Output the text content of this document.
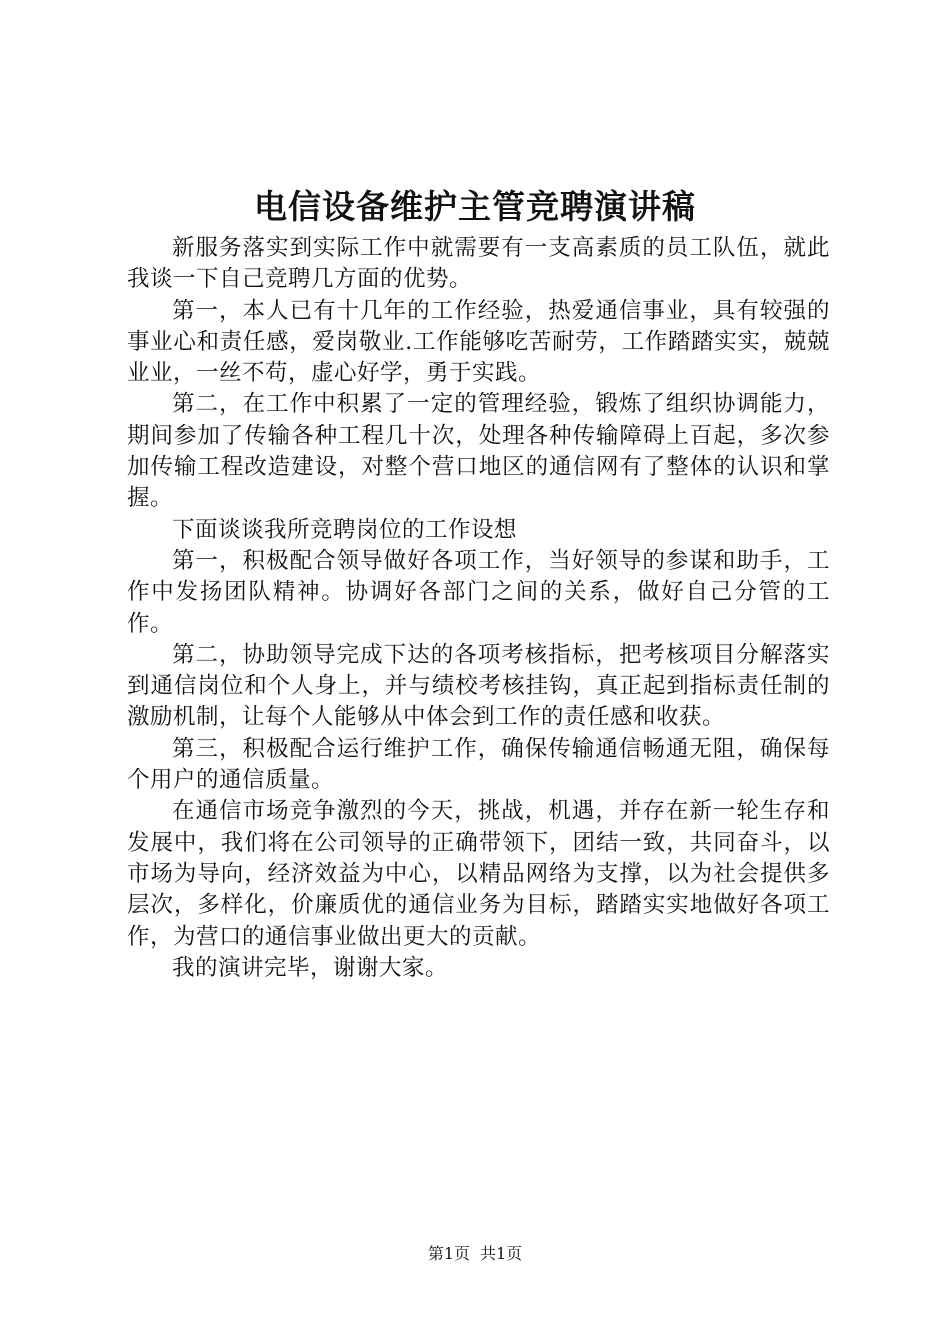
电信设备维护主管竞聘演讲稿

新服务落实到实际工作中就需要有一支高素质的员工队伍，就此我谈一下自己竞聘几方面的优势。

第一，本人已有十几年的工作经验，热爱通信事业，具有较强的事业心和责任感，爱岗敬业.工作能够吃苦耐劳，工作踏踏实实，兢兢业业，一丝不苟，虚心好学，勇于实践。

第二，在工作中积累了一定的管理经验，锻炼了组织协调能力，期间参加了传输各种工程几十次，处理各种传输障碍上百起，多次参加传输工程改造建设，对整个营口地区的通信网有了整体的认识和掌握。

下面谈谈我所竞聘岗位的工作设想

第一，积极配合领导做好各项工作，当好领导的参谋和助手，工作中发扬团队精神。协调好各部门之间的关系，做好自己分管的工作。

第二，协助领导完成下达的各项考核指标，把考核项目分解落实到通信岗位和个人身上，并与绩校考核挂钩，真正起到指标责任制的激励机制，让每个人能够从中体会到工作的责任感和收获。

第三，积极配合运行维护工作，确保传输通信畅通无阻，确保每个用户的通信质量。

在通信市场竞争激烈的今天，挑战，机遇，并存在新一轮生存和发展中，我们将在公司领导的正确带领下，团结一致，共同奋斗，以市场为导向，经济效益为中心，以精品网络为支撑，以为社会提供多层次，多样化，价廉质优的通信业务为目标，踏踏实实地做好各项工作，为营口的通信事业做出更大的贡献。

我的演讲完毕，谢谢大家。

第1页 共1页
